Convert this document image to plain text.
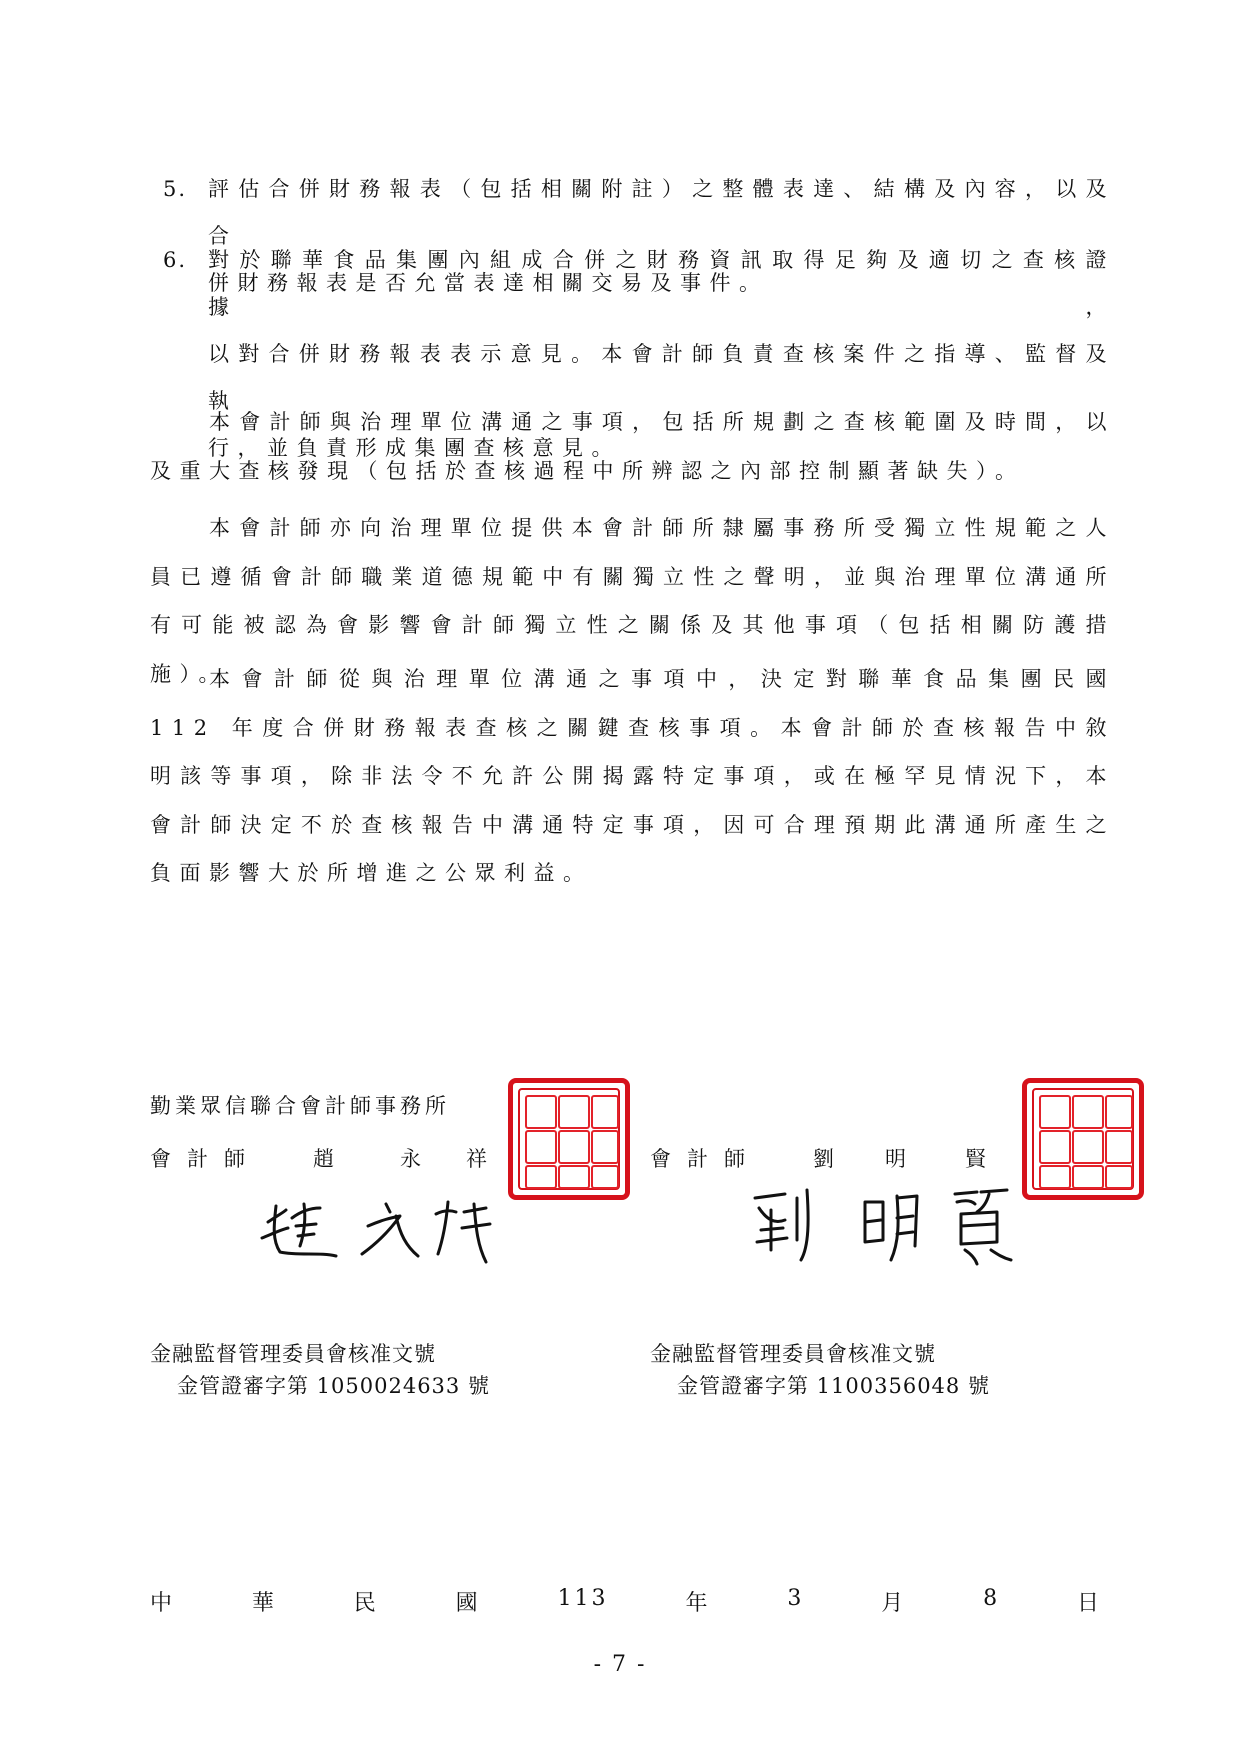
5. 評估合併財務報表（包括相關附註）之整體表達、結構及內容，以及合
併財務報表是否允當表達相關交易及事件。
6. 對於聯華食品集團內組成合併之財務資訊取得足夠及適切之查核證據，
以對合併財務報表表示意見。本會計師負責查核案件之指導、監督及執
行，並負責形成集團查核意見。

本會計師與治理單位溝通之事項，包括所規劃之查核範圍及時間，以及重大查核發現（包括於查核過程中所辨認之內部控制顯著缺失）。

本會計師亦向治理單位提供本會計師所隸屬事務所受獨立性規範之人員已遵循會計師職業道德規範中有關獨立性之聲明，並與治理單位溝通所有可能被認為會影響會計師獨立性之關係及其他事項（包括相關防護措施）。

本會計師從與治理單位溝通之事項中，決定對聯華食品集團民國 112 年度合併財務報表查核之關鍵查核事項。本會計師於查核報告中敘明該等事項，除非法令不允許公開揭露特定事項，或在極罕見情況下，本會計師決定不於查核報告中溝通特定事項，因可合理預期此溝通所產生之負面影響大於所增進之公眾利益。

勤業眾信聯合會計師事務所
會 計 師	趙	永	祥	會 計 師	劉	明	賢
金融監督管理委員會核准文號
金管證審字第 1050024633 號
金融監督管理委員會核准文號
金管證審字第 1100356048 號
中	華	民	國	113	年	3	月	8	日
- 7 -
